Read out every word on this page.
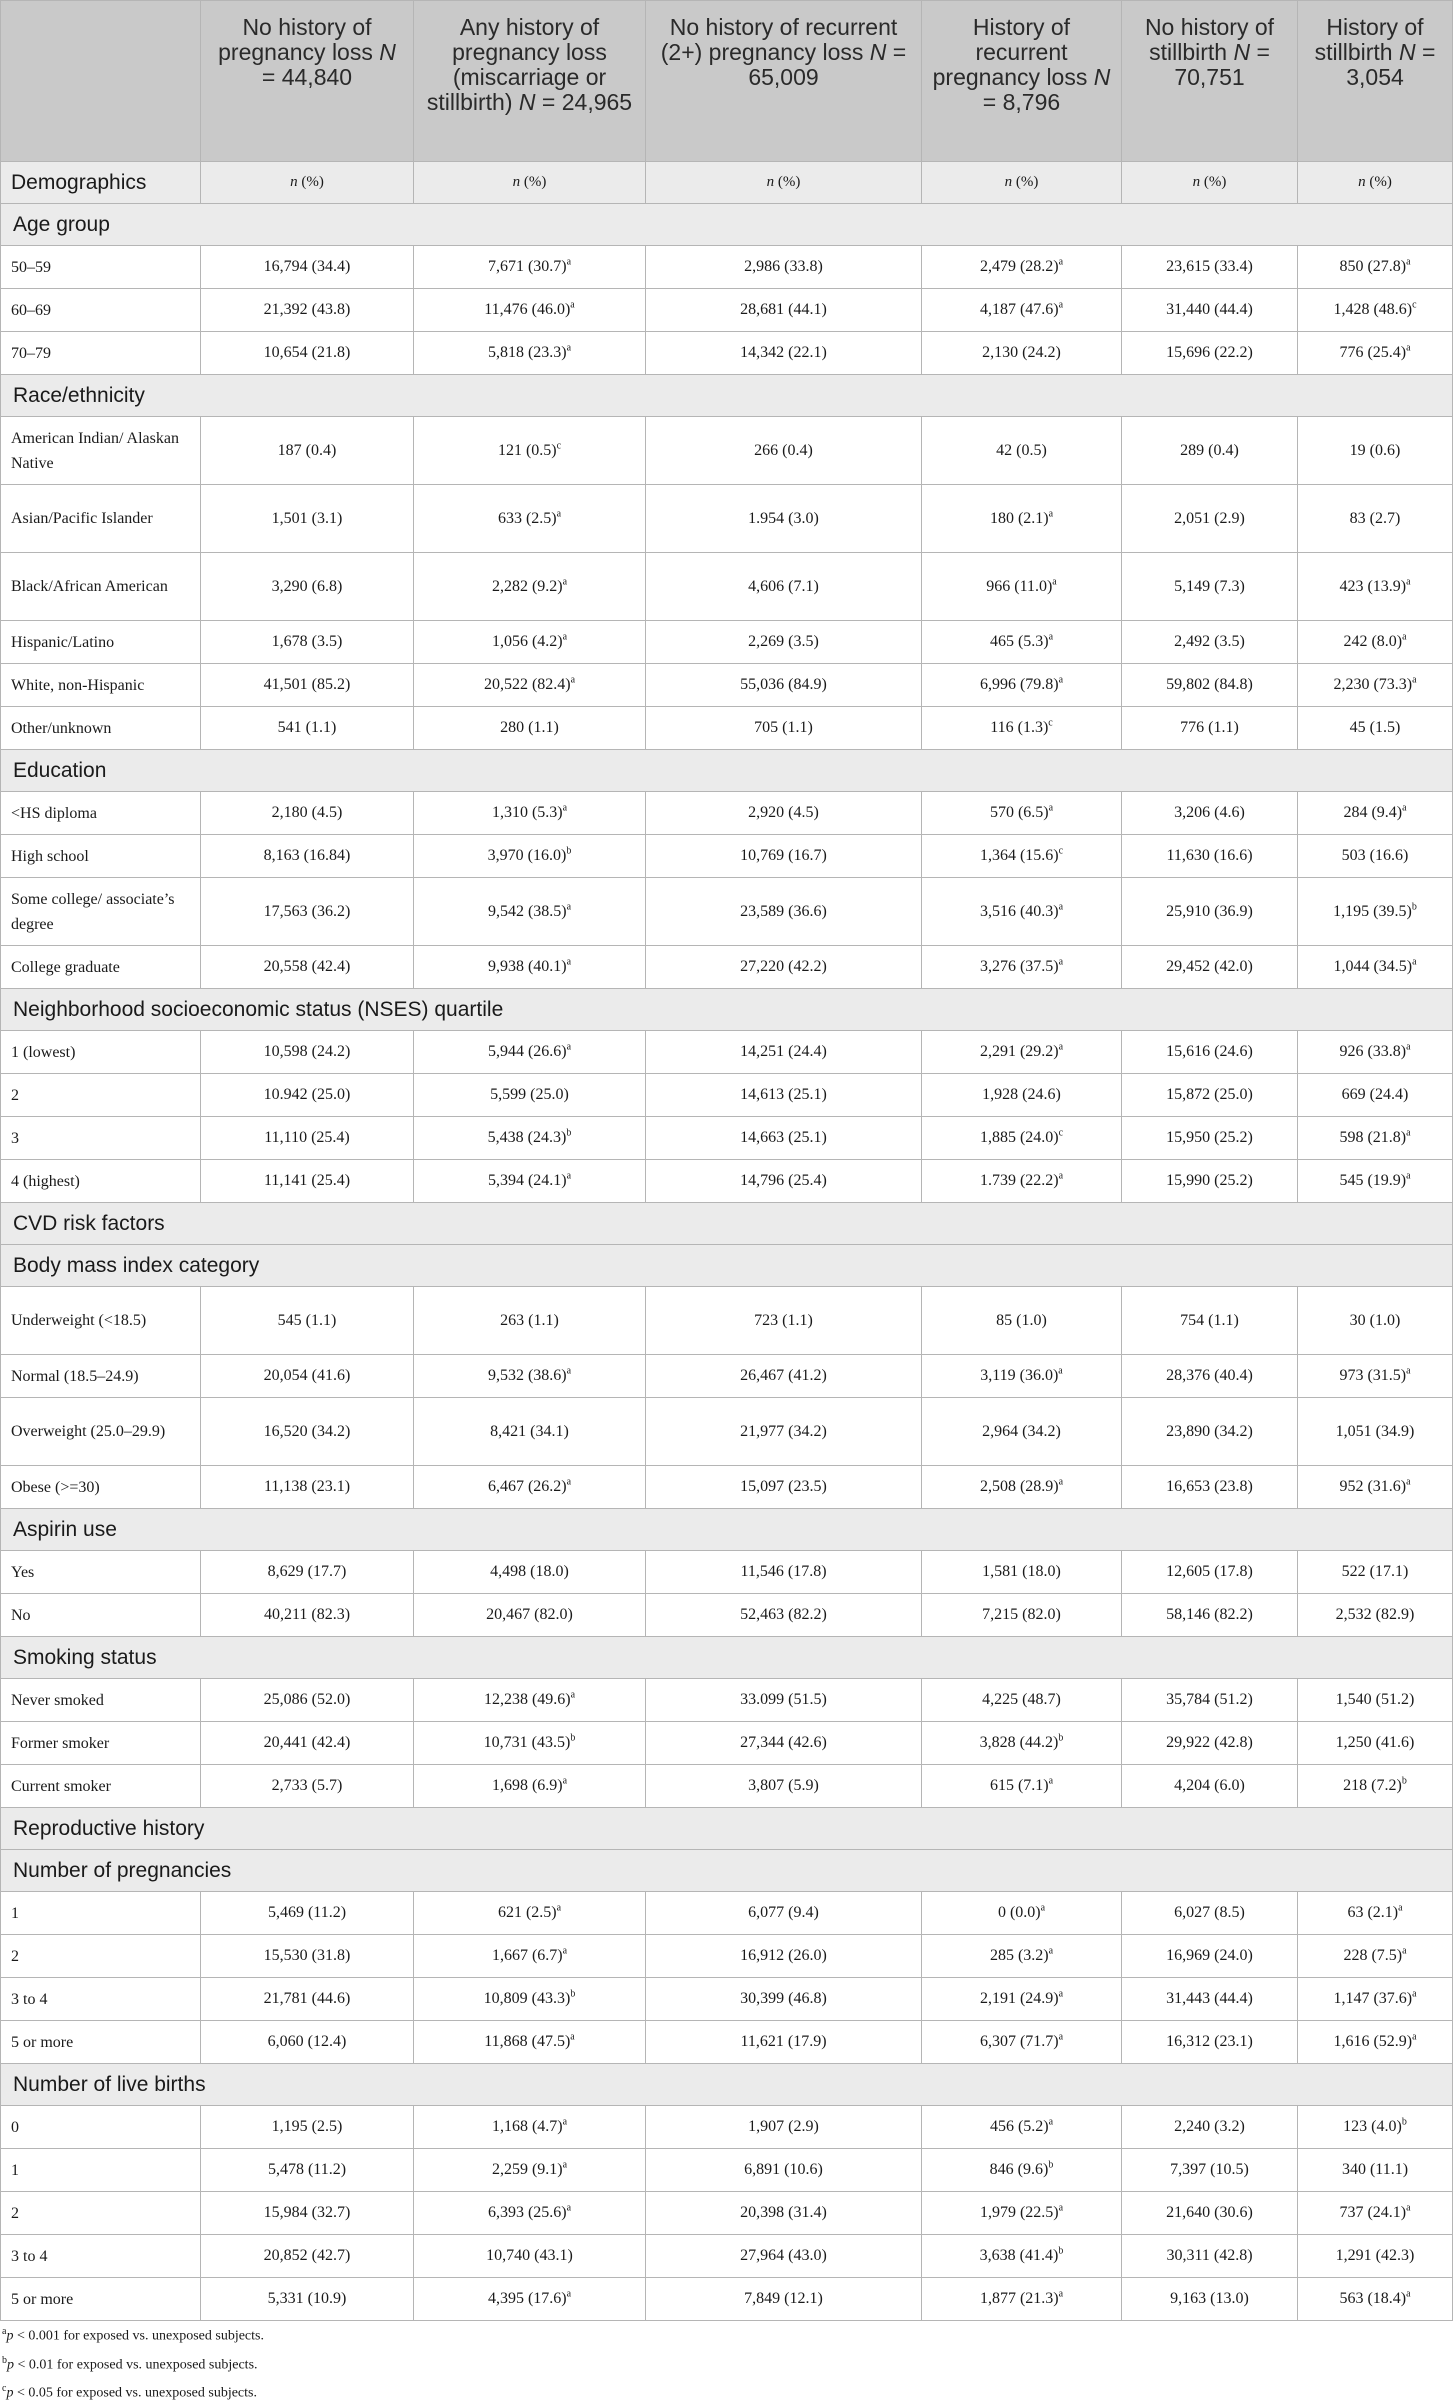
	No history of pregnancy loss N = 44,840	Any history of pregnancy loss (miscarriage or stillbirth) N = 24,965	No history of recurrent (2+) pregnancy loss N = 65,009	History of recurrent pregnancy loss N = 8,796	No history of stillbirth N = 70,751	History of stillbirth N = 3,054
Demographics	n (%)	n (%)	n (%)	n (%)	n (%)	n (%)
Age group						
50–59	16,794 (34.4)	7,671 $(30.7)^a$	2,986 (33.8)	2,479 $(28.2)^a$	23,615 (33.4)	850 $(27.8)^a$
60–69	21,392 (43.8)	11,476 $(46.0)^a$	28,681 (44.1)	4,187 $(47.6)^a$	31,440 (44.4)	1,428 $(48.6)^c$
70–79	10,654 (21.8)	5,818 $(23.3)^a$	14,342 (22.1)	2,130 (24.2)	15,696 (22.2)	776 $(25.4)^a$
Race/ethnicity						
American Indian/ Alaskan Native	187 (0.4)	121 $(0.5)^c$	266 (0.4)	42 (0.5)	289 (0.4)	19 (0.6)
Asian/Pacific Islander	1,501 (3.1)	633 $(2.5)^a$	1.954 (3.0)	180 $(2.1)^a$	2,051 (2.9)	83 (2.7)
Black/African American	3,290 (6.8)	2,282 $(9.2)^a$	4,606 (7.1)	966 $(11.0)^a$	5,149 (7.3)	423 $(13.9)^a$
Hispanic/Latino	1,678 (3.5)	1,056 $(4.2)^a$	2,269 (3.5)	465 $(5.3)^a$	2,492 (3.5)	242 $(8.0)^a$
White, non-Hispanic	41,501 (85.2)	20,522 $(82.4)^a$	55,036 (84.9)	6,996 $(79.8)^a$	59,802 (84.8)	2,230 $(73.3)^a$
Other/unknown	541 (1.1)	280 (1.1)	705 (1.1)	116 $(1.3)^c$	776 (1.1)	45 (1.5)
Education						
<HS diploma	2,180 (4.5)	1,310 $(5.3)^a$	2,920 (4.5)	570 $(6.5)^a$	3,206 (4.6)	284 $(9.4)^a$
High school	8,163 (16.84)	3,970 $(16.0)^b$	10,769 (16.7)	1,364 $(15.6)^c$	11,630 (16.6)	503 (16.6)
Some college/ associate’s degree	17,563 (36.2)	9,542 $(38.5)^a$	23,589 (36.6)	3,516 $(40.3)^a$	25,910 (36.9)	1,195 $(39.5)^b$
College graduate	20,558 (42.4)	9,938 $(40.1)^a$	27,220 (42.2)	3,276 $(37.5)^a$	29,452 (42.0)	1,044 $(34.5)^a$
Neighborhood socioeconomic status (NSES) quartile						
1 (lowest)	10,598 (24.2)	5,944 $(26.6)^a$	14,251 (24.4)	2,291 $(29.2)^a$	15,616 (24.6)	926 $(33.8)^a$
2	10.942 (25.0)	5,599 (25.0)	14,613 (25.1)	1,928 (24.6)	15,872 (25.0)	669 (24.4)
3	11,110 (25.4)	5,438 $(24.3)^b$	14,663 (25.1)	1,885 $(24.0)^c$	15,950 (25.2)	598 $(21.8)^a$
4 (highest)	11,141 (25.4)	5,394 $(24.1)^a$	14,796 (25.4)	1.739 $(22.2)^a$	15,990 (25.2)	545 $(19.9)^a$
CVD risk factors						
Body mass index category						
Underweight (<18.5)	545 (1.1)	263 (1.1)	723 (1.1)	85 (1.0)	754 (1.1)	30 (1.0)
Normal (18.5–24.9)	20,054 (41.6)	9,532 $(38.6)^a$	26,467 (41.2)	3,119 $(36.0)^a$	28,376 (40.4)	973 $(31.5)^a$
Overweight (25.0–29.9)	16,520 (34.2)	8,421 (34.1)	21,977 (34.2)	2,964 (34.2)	23,890 (34.2)	1,051 (34.9)
Obese (>=30)	11,138 (23.1)	6,467 $(26.2)^a$	15,097 (23.5)	2,508 $(28.9)^a$	16,653 (23.8)	952 $(31.6)^a$
Aspirin use						
Yes	8,629 (17.7)	4,498 (18.0)	11,546 (17.8)	1,581 (18.0)	12,605 (17.8)	522 (17.1)
No	40,211 (82.3)	20,467 (82.0)	52,463 (82.2)	7,215 (82.0)	58,146 (82.2)	2,532 (82.9)
Smoking status						
Never smoked	25,086 (52.0)	12,238 $(49.6)^a$	33.099 (51.5)	4,225 (48.7)	35,784 (51.2)	1,540 (51.2)
Former smoker	20,441 (42.4)	10,731 $(43.5)^b$	27,344 (42.6)	3,828 $(44.2)^b$	29,922 (42.8)	1,250 (41.6)
Current smoker	2,733 (5.7)	1,698 $(6.9)^a$	3,807 (5.9)	615 $(7.1)^a$	4,204 (6.0)	218 $(7.2)^b$
Reproductive history						
Number of pregnancies						
1	5,469 (11.2)	621 $(2.5)^a$	6,077 (9.4)	0 $(0.0)^a$	6,027 (8.5)	63 $(2.1)^a$
2	15,530 (31.8)	1,667 $(6.7)^a$	16,912 (26.0)	285 $(3.2)^a$	16,969 (24.0)	228 $(7.5)^a$
3 to 4	21,781 (44.6)	10,809 $(43.3)^b$	30,399 (46.8)	2,191 $(24.9)^a$	31,443 (44.4)	1,147 $(37.6)^a$
5 or more	6,060 (12.4)	11,868 $(47.5)^a$	11,621 (17.9)	6,307 $(71.7)^a$	16,312 (23.1)	1,616 $(52.9)^a$
Number of live births						
0	1,195 (2.5)	1,168 $(4.7)^a$	1,907 (2.9)	456 $(5.2)^a$	2,240 (3.2)	123 $(4.0)^b$
1	5,478 (11.2)	2,259 $(9.1)^a$	6,891 (10.6)	846 $(9.6)^b$	7,397 (10.5)	340 (11.1)
2	15,984 (32.7)	6,393 $(25.6)^a$	20,398 (31.4)	1,979 $(22.5)^a$	21,640 (30.6)	737 $(24.1)^a$
3 to 4	20,852 (42.7)	10,740 (43.1)	27,964 (43.0)	3,638 $(41.4)^b$	30,311 (42.8)	1,291 (42.3)
5 or more	5,331 (10.9)	4,395 $(17.6)^a$	7,849 (12.1)	1,877 $(21.3)^a$	9,163 (13.0)	563 $(18.4)^a$
$^a$p < 0.001 for exposed vs. unexposed subjects.
$^b$p < 0.01 for exposed vs. unexposed subjects.
$^c$p < 0.05 for exposed vs. unexposed subjects.
